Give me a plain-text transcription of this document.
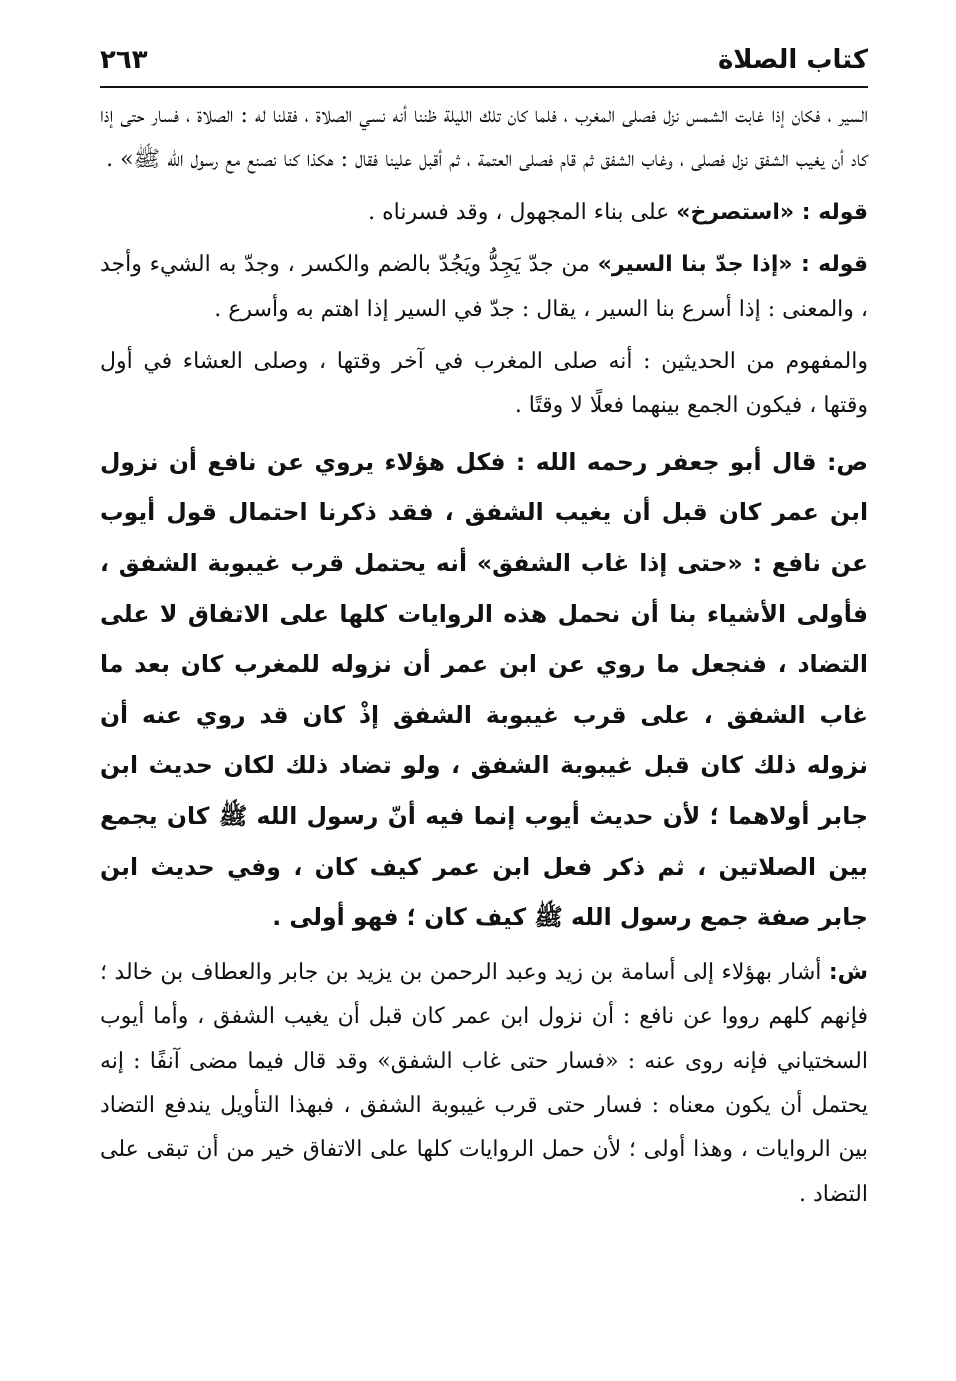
كتاب الصلاة
٢٦٣

السير ، فكان إذا غابت الشمس نزل فصلى المغرب ، فلما كان تلك الليلة ظننا أنه نسي الصلاة ، فقلنا له : الصلاة ، فسار حتى إذا كاد أن يغيب الشفق نزل فصلى ، وغاب الشفق ثم قام فصلى العتمة ، ثم أقبل علينا فقال : هكذا كنا نصنع مع رسول الله ﷺ» .

قوله : «استصرخ» على بناء المجهول ، وقد فسرناه .

قوله : «إذا جدّ بنا السير» من جدّ يَجِدُّ ويَجُدّ بالضم والكسر ، وجدّ به الشيء وأجد ، والمعنى : إذا أسرع بنا السير ، يقال : جدّ في السير إذا اهتم به وأسرع .

والمفهوم من الحديثين : أنه صلى المغرب في آخر وقتها ، وصلى العشاء في أول وقتها ، فيكون الجمع بينهما فعلًا لا وقتًا .

ص: قال أبو جعفر رحمه الله : فكل هؤلاء يروي عن نافع أن نزول ابن عمر كان قبل أن يغيب الشفق ، فقد ذكرنا احتمال قول أيوب عن نافع : «حتى إذا غاب الشفق» أنه يحتمل قرب غيبوبة الشفق ، فأولى الأشياء بنا أن نحمل هذه الروايات كلها على الاتفاق لا على التضاد ، فنجعل ما روي عن ابن عمر أن نزوله للمغرب كان بعد ما غاب الشفق ، على قرب غيبوبة الشفق إذْ كان قد روي عنه أن نزوله ذلك كان قبل غيبوبة الشفق ، ولو تضاد ذلك لكان حديث ابن جابر أولاهما ؛ لأن حديث أيوب إنما فيه أنّ رسول الله ﷺ كان يجمع بين الصلاتين ، ثم ذكر فعل ابن عمر كيف كان ، وفي حديث ابن جابر صفة جمع رسول الله ﷺ كيف كان ؛ فهو أولى .

ش: أشار بهؤلاء إلى أسامة بن زيد وعبد الرحمن بن يزيد بن جابر والعطاف بن خالد ؛ فإنهم كلهم رووا عن نافع : أن نزول ابن عمر كان قبل أن يغيب الشفق ، وأما أيوب السختياني فإنه روى عنه : «فسار حتى غاب الشفق» وقد قال فيما مضى آنفًا : إنه يحتمل أن يكون معناه : فسار حتى قرب غيبوبة الشفق ، فبهذا التأويل يندفع التضاد بين الروايات ، وهذا أولى ؛ لأن حمل الروايات كلها على الاتفاق خير من أن تبقى على التضاد .
